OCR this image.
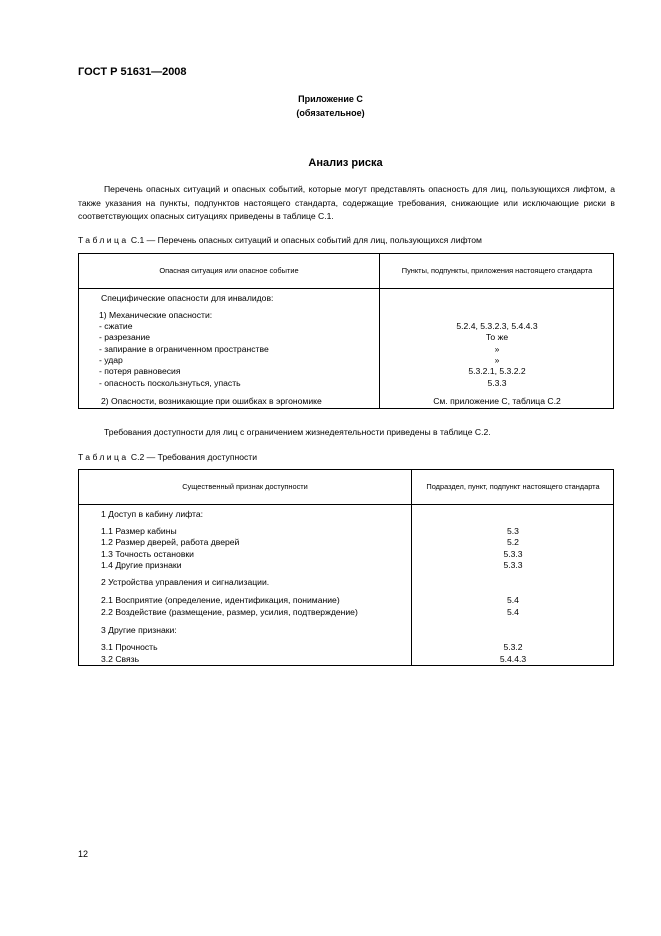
ГОСТ Р 51631—2008
Приложение С
(обязательное)
Анализ риска
Перечень опасных ситуаций и опасных событий, которые могут представлять опасность для лиц, пользующихся лифтом, а также указания на пункты, подпунктов настоящего стандарта, содержащие требования, снижающие или исключающие риски в соответствующих опасных ситуациях приведены в таблице С.1.
Таблица С.1 — Перечень опасных ситуаций и опасных событий для лиц, пользующихся лифтом
Опасная ситуация или опасное событие	Пункты, подпункты, приложения настоящего стандарта
Специфические опасности для инвалидов:
1) Механические опасности:
- сжатие	5.2.4, 5.3.2.3, 5.4.4.3
- разрезание	То же
- запирание в ограниченном пространстве	»
- удар	»
- потеря равновесия	5.3.2.1, 5.3.2.2
- опасность поскользнуться, упасть	5.3.3
2) Опасности, возникающие при ошибках в эргономике	См. приложение С, таблица С.2
Требования доступности для лиц с ограничением жизнедеятельности приведены в таблице С.2.
Таблица С.2 — Требования доступности
Существенный признак доступности	Подраздел, пункт, подпункт настоящего стандарта
1 Доступ в кабину лифта:
1.1 Размер кабины	5.3
1.2 Размер дверей, работа дверей	5.2
1.3 Точность остановки	5.3.3
1.4 Другие признаки	5.3.3
2 Устройства управления и сигнализации.
2.1 Восприятие (определение, идентификация, понимание)	5.4
2.2 Воздействие (размещение, размер, усилия, подтверждение)	5.4
3 Другие признаки:
3.1 Прочность	5.3.2
3.2 Связь	5.4.4.3
12
